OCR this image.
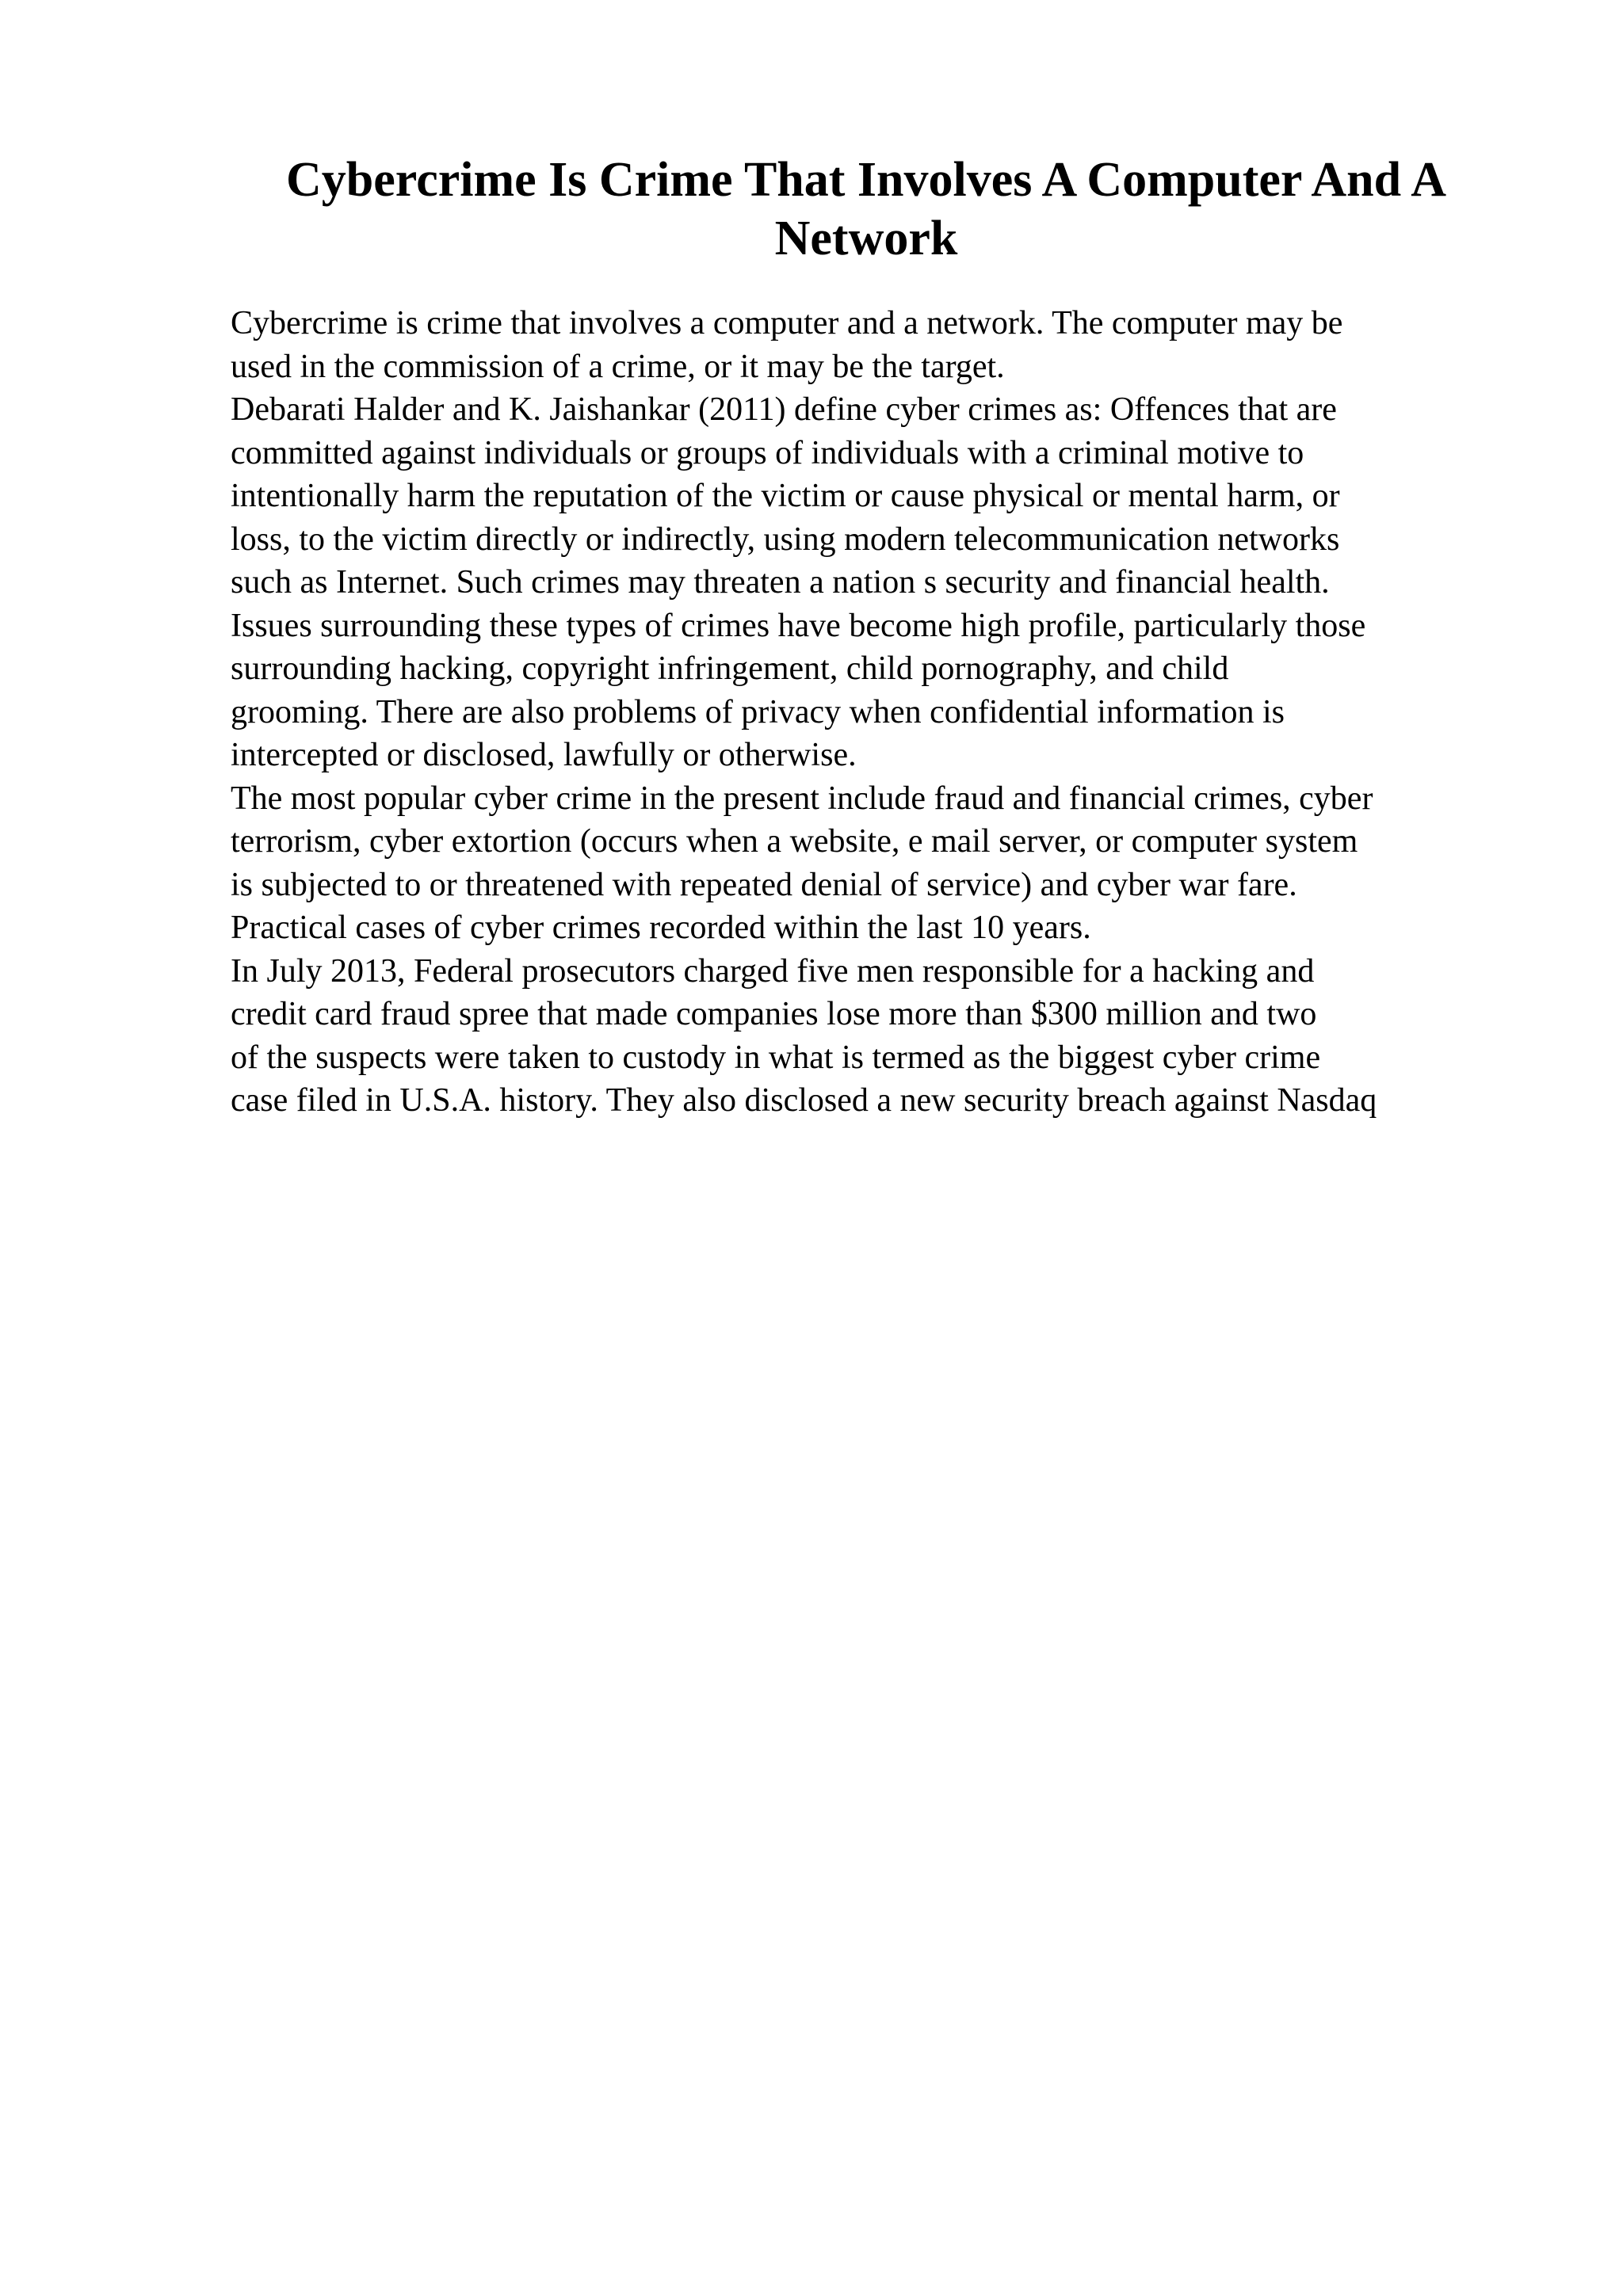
Cybercrime Is Crime That Involves A Computer And A
Network
Cybercrime is crime that involves a computer and a network. The computer may be
used in the commission of a crime, or it may be the target.
Debarati Halder and K. Jaishankar (2011) define cyber crimes as: Offences that are
committed against individuals or groups of individuals with a criminal motive to
intentionally harm the reputation of the victim or cause physical or mental harm, or
loss, to the victim directly or indirectly, using modern telecommunication networks
such as Internet. Such crimes may threaten a nation s security and financial health.
Issues surrounding these types of crimes have become high profile, particularly those
surrounding hacking, copyright infringement, child pornography, and child
grooming. There are also problems of privacy when confidential information is
intercepted or disclosed, lawfully or otherwise.
The most popular cyber crime in the present include fraud and financial crimes, cyber
terrorism, cyber extortion (occurs when a website, e mail server, or computer system
is subjected to or threatened with repeated denial of service) and cyber war fare.
Practical cases of cyber crimes recorded within the last 10 years.
In July 2013, Federal prosecutors charged five men responsible for a hacking and
credit card fraud spree that made companies lose more than $300 million and two
of the suspects were taken to custody in what is termed as the biggest cyber crime
case filed in U.S.A. history. They also disclosed a new security breach against Nasdaq
